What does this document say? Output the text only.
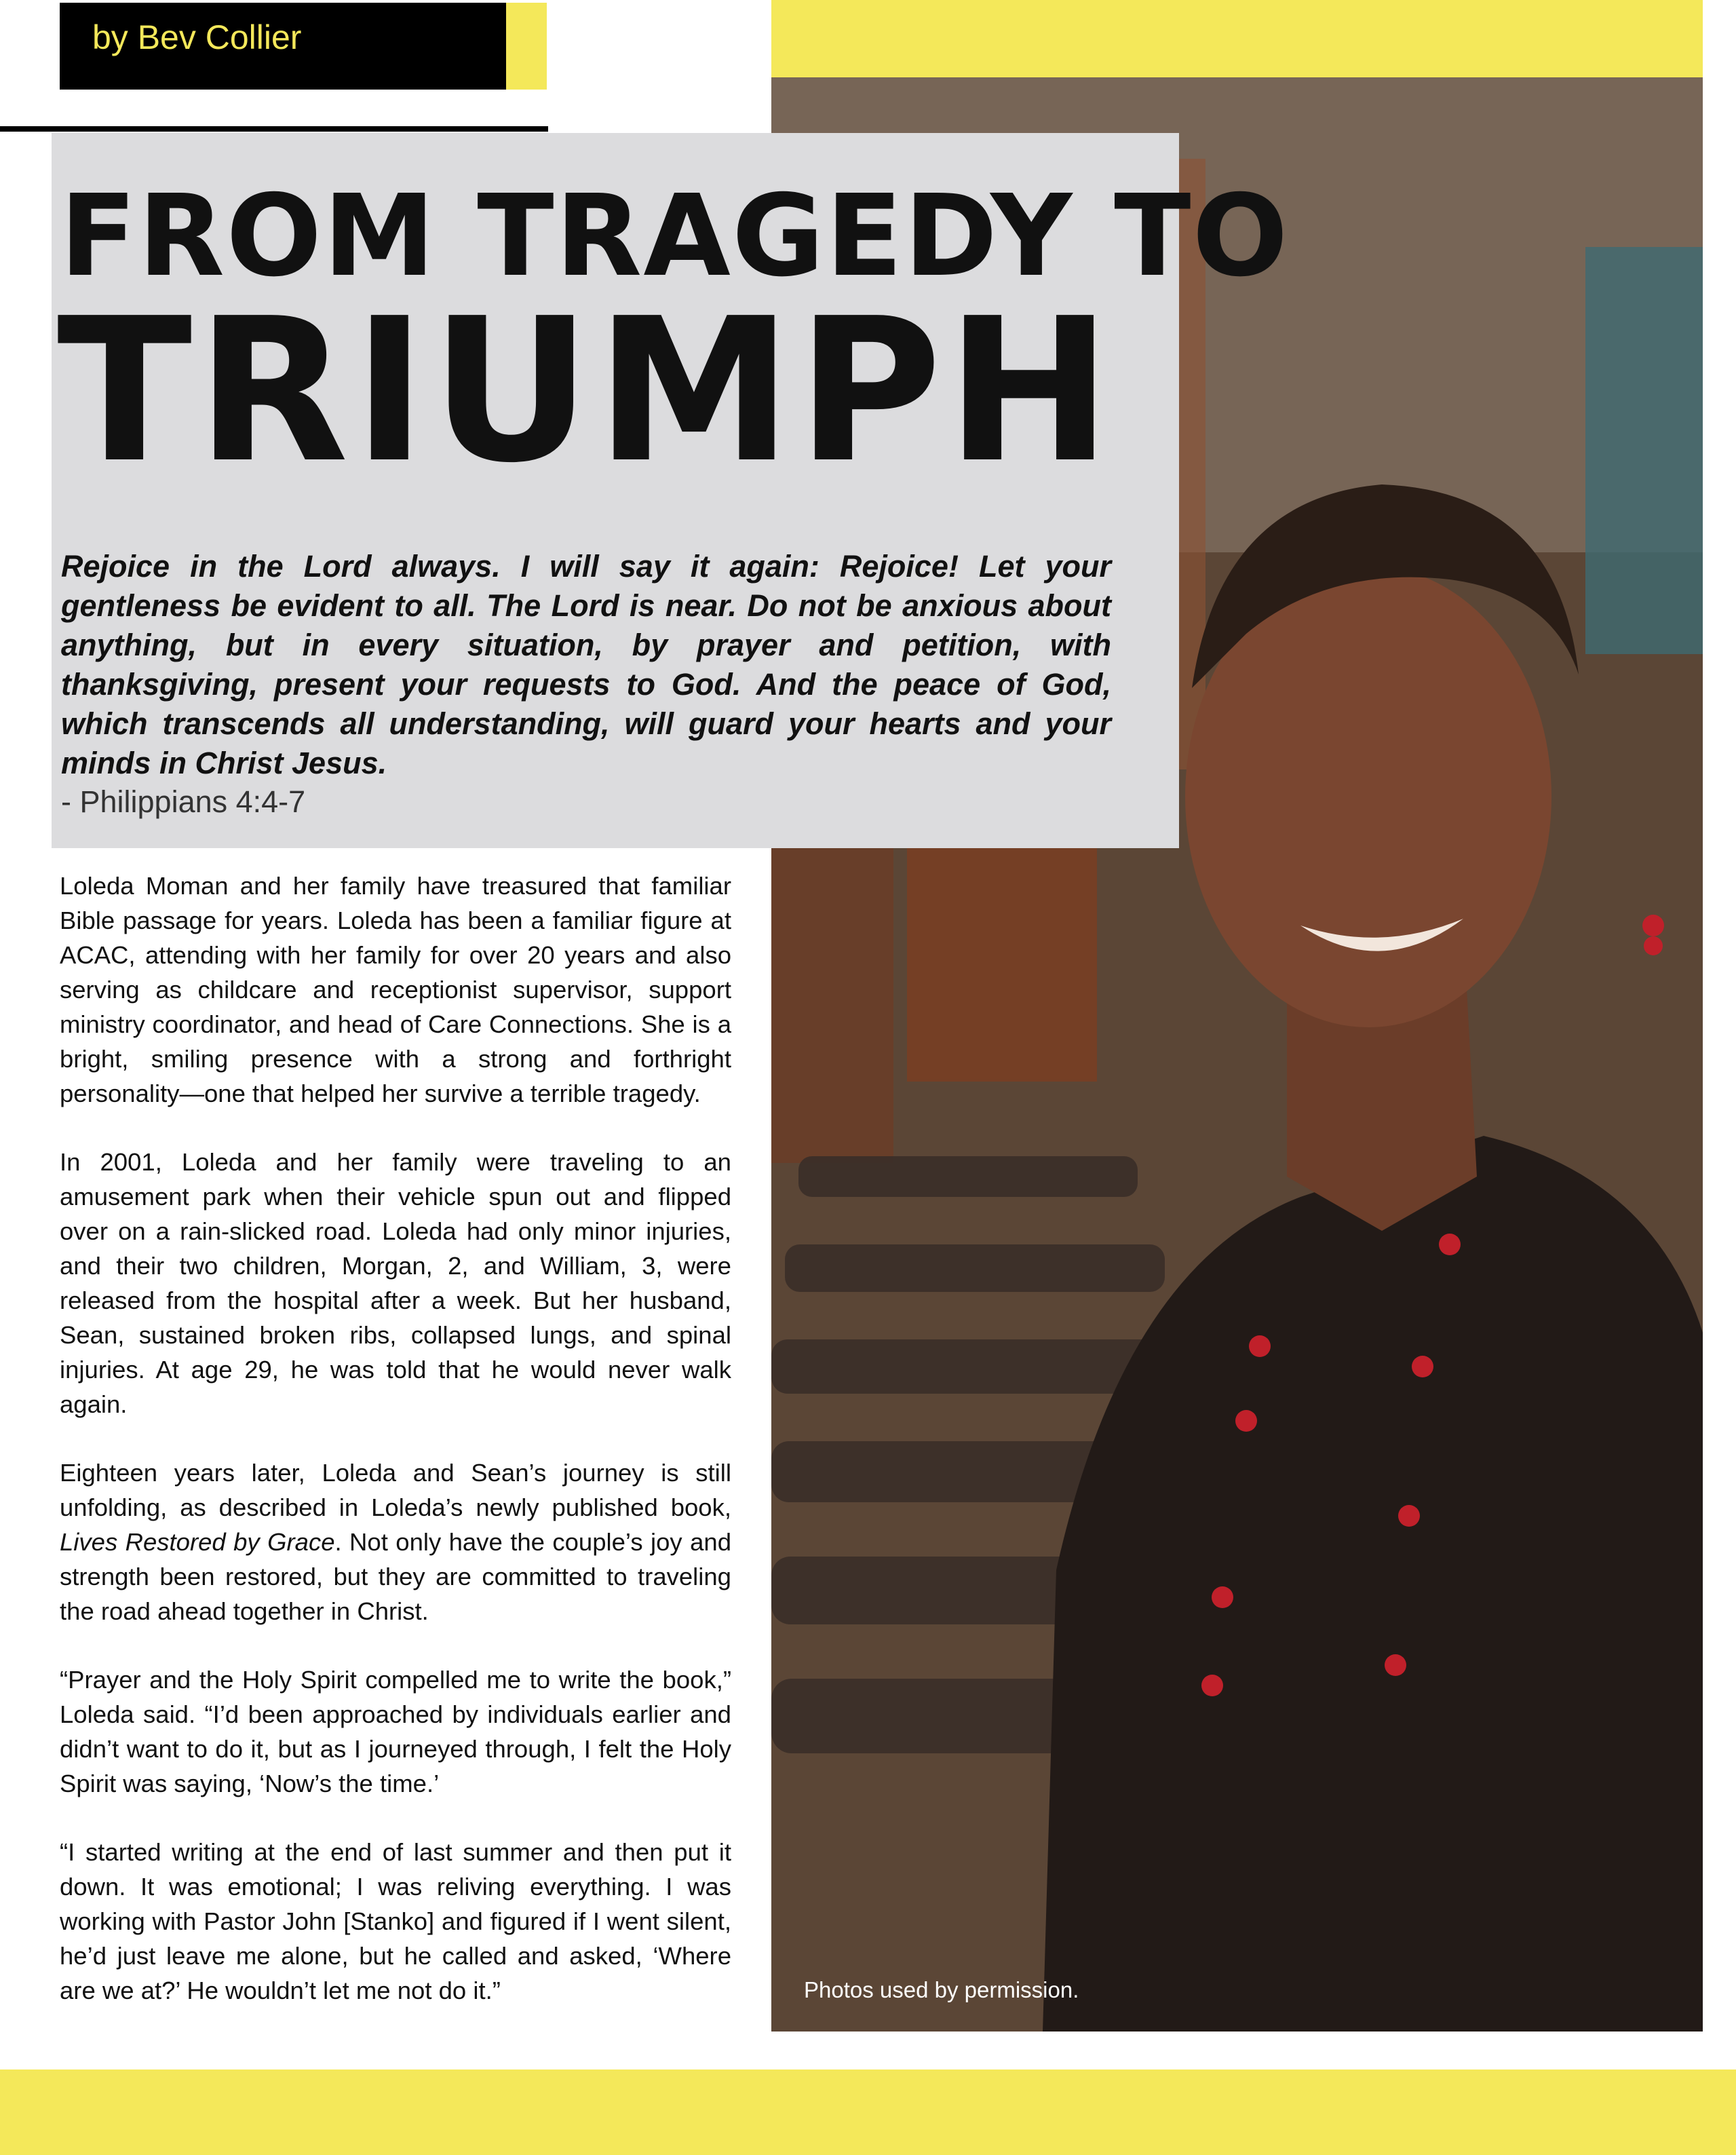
by Bev Collier
FROM TRAGEDY TO
TRIUMPH
Rejoice in the Lord always. I will say it again: Rejoice! Let your gentleness be evident to all. The Lord is near. Do not be anxious about anything, but in every situation, by prayer and petition, with thanksgiving, present your requests to God. And the peace of God, which transcends all understanding, will guard your hearts and your minds in Christ Jesus.
- Philippians 4:4-7

Loleda Moman and her family have treasured that familiar Bible passage for years. Loleda has been a familiar figure at ACAC, attending with her family for over 20 years and also serving as childcare and receptionist supervisor, support ministry coordinator, and head of Care Connections. She is a bright, smiling presence with a strong and forthright personality—one that helped her survive a terrible tragedy.

In 2001, Loleda and her family were traveling to an amusement park when their vehicle spun out and flipped over on a rain-slicked road. Loleda had only minor injuries, and their two children, Morgan, 2, and William, 3, were released from the hospital after a week. But her husband, Sean, sustained broken ribs, collapsed lungs, and spinal injuries. At age 29, he was told that he would never walk again.

Eighteen years later, Loleda and Sean’s journey is still unfolding, as described in Loleda’s newly published book, Lives Restored by Grace. Not only have the couple’s joy and strength been restored, but they are committed to traveling the road ahead together in Christ.

“Prayer and the Holy Spirit compelled me to write the book,” Loleda said. “I’d been approached by individuals earlier and didn’t want to do it, but as I journeyed through, I felt the Holy Spirit was saying, ‘Now’s the time.’

“I started writing at the end of last summer and then put it down. It was emotional; I was reliving everything. I was working with Pastor John [Stanko] and figured if I went silent, he’d just leave me alone, but he called and asked, ‘Where are we at?’ He wouldn’t let me not do it.”	Photos used by permission.
